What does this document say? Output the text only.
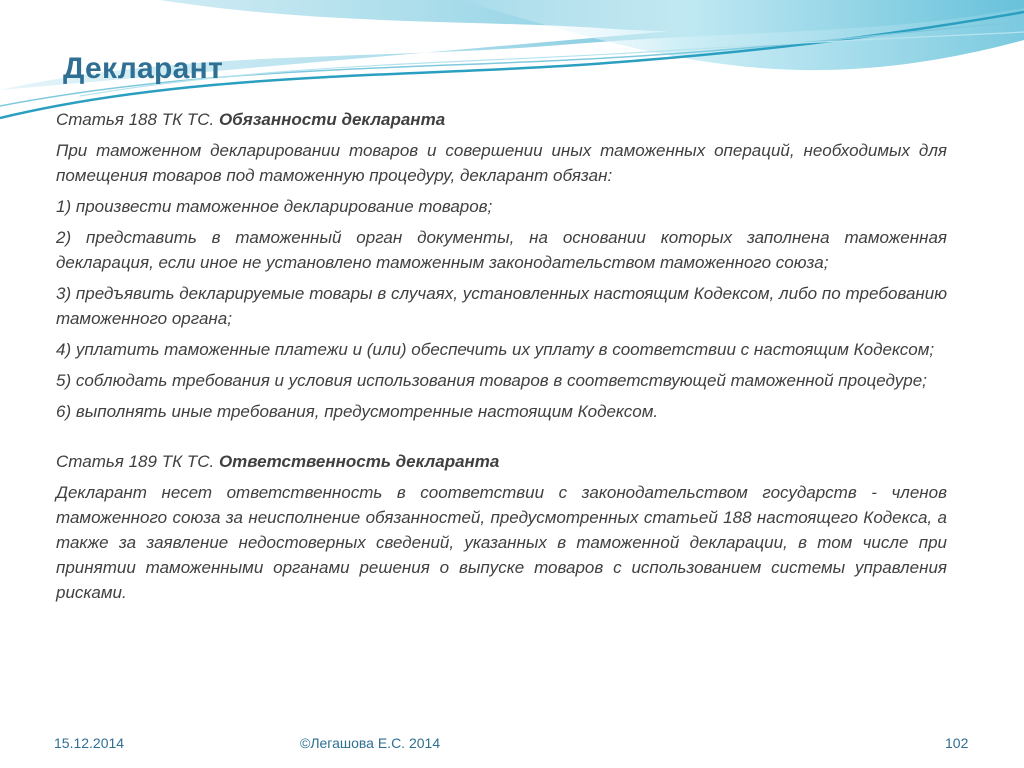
Декларант

Статья 188 ТК ТС. Обязанности декларанта

При таможенном декларировании товаров и совершении иных таможенных операций, необходимых для помещения товаров под таможенную процедуру, декларант обязан:

1) произвести таможенное декларирование товаров;

2) представить в таможенный орган документы, на основании которых заполнена таможенная декларация, если иное не установлено таможенным законодательством таможенного союза;

3) предъявить декларируемые товары в случаях, установленных настоящим Кодексом, либо по требованию таможенного органа;

4) уплатить таможенные платежи и (или) обеспечить их уплату в соответствии с настоящим Кодексом;

5) соблюдать требования и условия использования товаров в соответствующей таможенной процедуре;

6) выполнять иные требования, предусмотренные настоящим Кодексом.

Статья 189 ТК ТС. Ответственность декларанта

Декларант несет ответственность в соответствии с законодательством государств - членов таможенного союза за неисполнение обязанностей, предусмотренных статьей 188 настоящего Кодекса, а также за заявление недостоверных сведений, указанных в таможенной декларации, в том числе при принятии таможенными органами решения о выпуске товаров с использованием системы управления рисками.

15.12.2014	©Легашова Е.С. 2014	102
